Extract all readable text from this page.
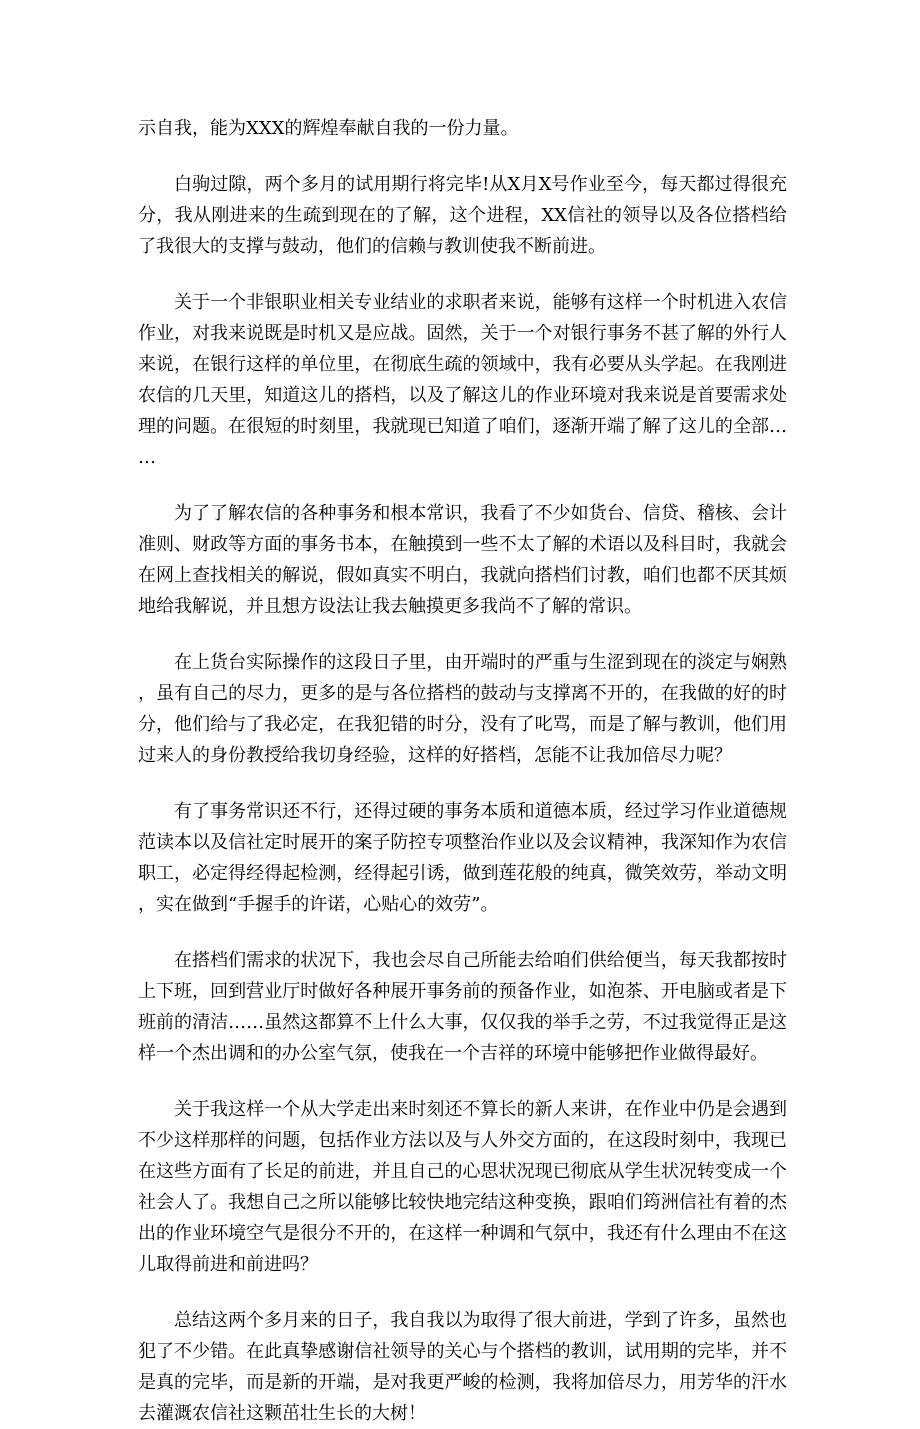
示自我，能为XXX的辉煌奉献自我的一份力量。

白驹过隙，两个多月的试用期行将完毕!从X月X号作业至今，每天都过得很充分，我从刚进来的生疏到现在的了解，这个进程，XX信社的领导以及各位搭档给了我很大的支撑与鼓动，他们的信赖与教训使我不断前进。

关于一个非银职业相关专业结业的求职者来说，能够有这样一个时机进入农信作业，对我来说既是时机又是应战。固然，关于一个对银行事务不甚了解的外行人来说，在银行这样的单位里，在彻底生疏的领域中，我有必要从头学起。在我刚进农信的几天里，知道这儿的搭档，以及了解这儿的作业环境对我来说是首要需求处理的问题。在很短的时刻里，我就现已知道了咱们，逐渐开端了解了这儿的全部……

为了了解农信的各种事务和根本常识，我看了不少如货台、信贷、稽核、会计准则、财政等方面的事务书本，在触摸到一些不太了解的术语以及科目时，我就会在网上查找相关的解说，假如真实不明白，我就向搭档们讨教，咱们也都不厌其烦地给我解说，并且想方设法让我去触摸更多我尚不了解的常识。

在上货台实际操作的这段日子里，由开端时的严重与生涩到现在的淡定与娴熟，虽有自己的尽力，更多的是与各位搭档的鼓动与支撑离不开的，在我做的好的时分，他们给与了我必定，在我犯错的时分，没有了叱骂，而是了解与教训，他们用过来人的身份教授给我切身经验，这样的好搭档，怎能不让我加倍尽力呢？

有了事务常识还不行，还得过硬的事务本质和道德本质，经过学习作业道德规范读本以及信社定时展开的案子防控专项整治作业以及会议精神，我深知作为农信职工，必定得经得起检测，经得起引诱，做到莲花般的纯真，微笑效劳，举动文明，实在做到“手握手的许诺，心贴心的效劳”。

在搭档们需求的状况下，我也会尽自己所能去给咱们供给便当，每天我都按时上下班，回到营业厅时做好各种展开事务前的预备作业，如泡茶、开电脑或者是下班前的清洁……虽然这都算不上什么大事，仅仅我的举手之劳，不过我觉得正是这样一个杰出调和的办公室气氛，使我在一个吉祥的环境中能够把作业做得最好。

关于我这样一个从大学走出来时刻还不算长的新人来讲，在作业中仍是会遇到不少这样那样的问题，包括作业方法以及与人外交方面的，在这段时刻中，我现已在这些方面有了长足的前进，并且自己的心思状况现已彻底从学生状况转变成一个社会人了。我想自己之所以能够比较快地完结这种变换，跟咱们筠洲信社有着的杰出的作业环境空气是很分不开的，在这样一种调和气氛中，我还有什么理由不在这儿取得前进和前进吗？

总结这两个多月来的日子，我自我以为取得了很大前进，学到了许多，虽然也犯了不少错。在此真挚感谢信社领导的关心与个搭档的教训，试用期的完毕，并不是真的完毕，而是新的开端，是对我更严峻的检测，我将加倍尽力，用芳华的汗水去灌溉农信社这颗茁壮生长的大树！
